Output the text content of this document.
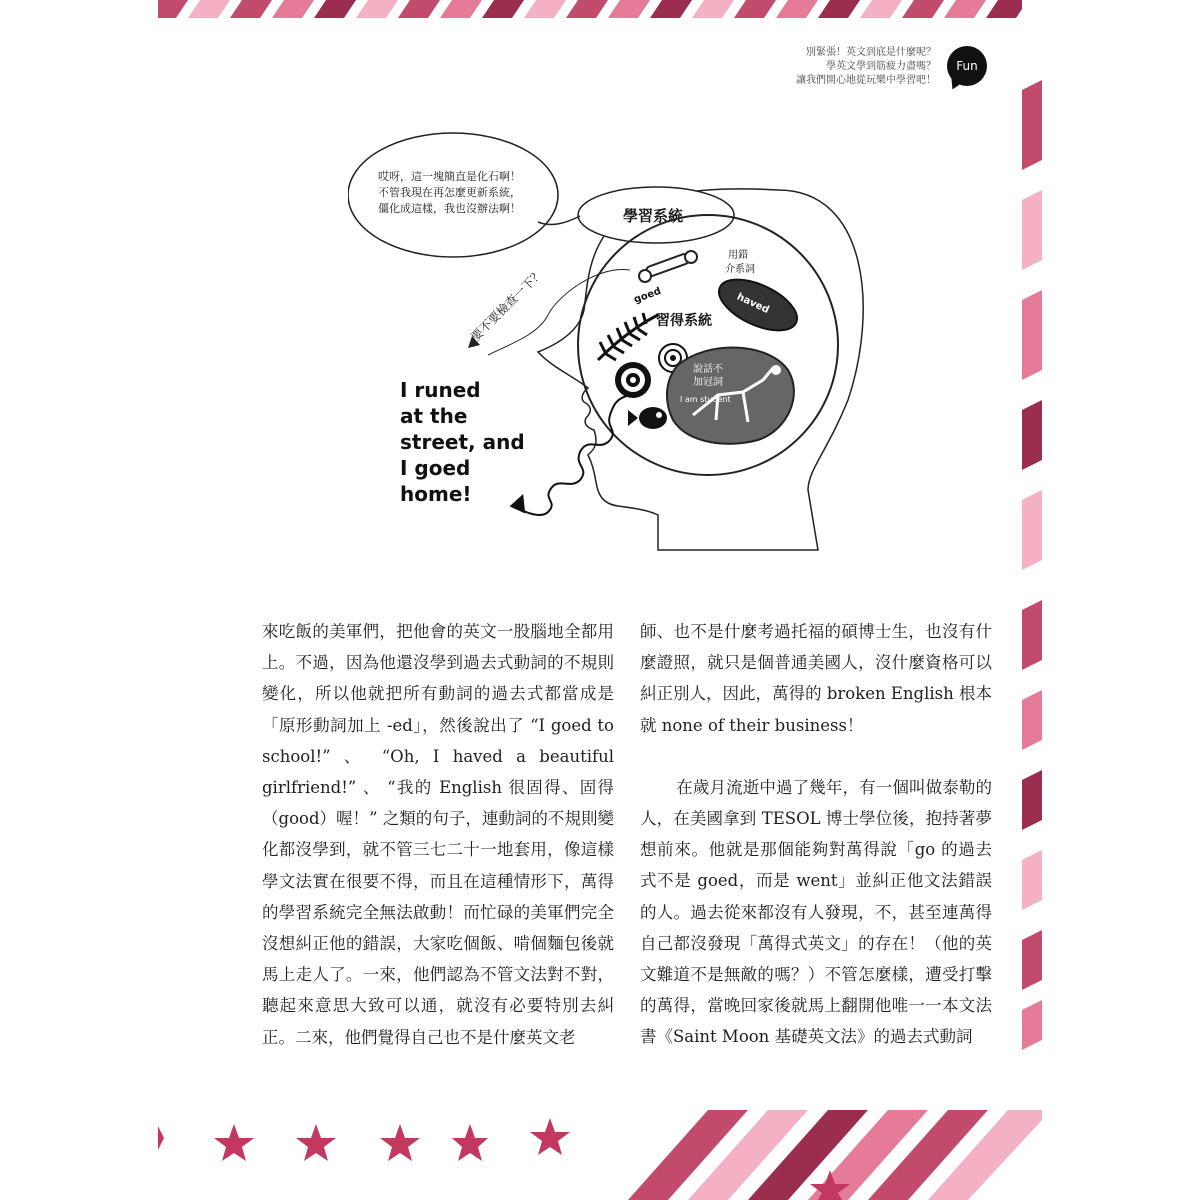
別緊張！英文到底是什麼呢？
學英文學到筋疲力盡嗎？
讓我們開心地從玩樂中學習吧！
Fun
哎呀，這一塊簡直是化石啊！
不管我現在再怎麼更新系統，
僵化成這樣，我也沒辦法啊！	學習系統
習得系統
goed
用錯
介系詞
haved
說話不
加冠詞
I am student
要不要檢查一下？
I runed
at the
street, and
I goed
home!

來吃飯的美軍們，把他會的英文一股腦地全都用上。不過，因為他還沒學到過去式動詞的不規則變化，所以他就把所有動詞的過去式都當成是「原形動詞加上 -ed」，然後說出了 “I goed to school!” 、 “Oh, I haved a beautiful girlfriend!” 、 “我的 English 很固得、固得（good）喔！” 之類的句子，連動詞的不規則變化都沒學到，就不管三七二十一地套用，像這樣學文法實在很要不得，而且在這種情形下，萬得的學習系統完全無法啟動！而忙碌的美軍們完全沒想糾正他的錯誤，大家吃個飯、啃個麵包後就馬上走人了。一來，他們認為不管文法對不對，聽起來意思大致可以通，就沒有必要特別去糾正。二來，他們覺得自己也不是什麼英文老

師、也不是什麼考過托福的碩博士生，也沒有什麼證照，就只是個普通美國人，沒什麼資格可以糾正別人，因此，萬得的 broken English 根本就 none of their business！

在歲月流逝中過了幾年，有一個叫做泰勒的人，在美國拿到 TESOL 博士學位後，抱持著夢想前來。他就是那個能夠對萬得說「go 的過去式不是 goed，而是 went」並糾正他文法錯誤的人。過去從來都沒有人發現，不，甚至連萬得自己都沒發現「萬得式英文」的存在！（他的英文難道不是無敵的嗎？）不管怎麼樣，遭受打擊的萬得，當晚回家後就馬上翻開他唯一一本文法書《Saint Moon 基礎英文法》的過去式動詞
